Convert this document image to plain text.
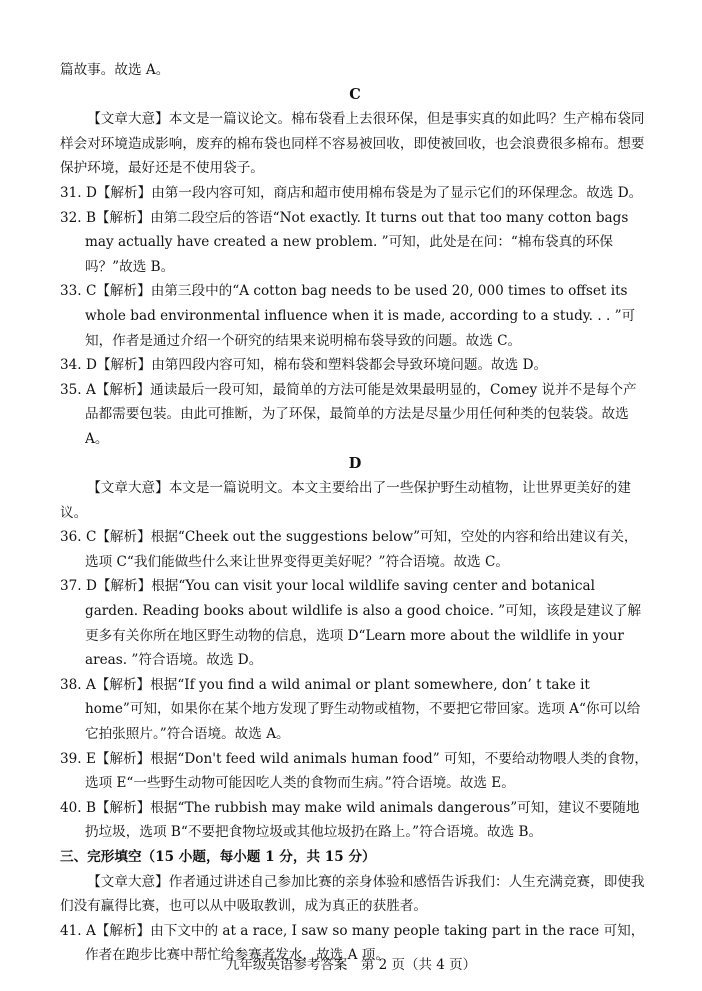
篇故事。故选 A。

C

【文章大意】本文是一篇议论文。棉布袋看上去很环保，但是事实真的如此吗？生产棉布袋同样会对环境造成影响，废弃的棉布袋也同样不容易被回收，即使被回收，也会浪费很多棉布。想要保护环境，最好还是不使用袋子。

31. D【解析】由第一段内容可知，商店和超市使用棉布袋是为了显示它们的环保理念。故选 D。

32. B【解析】由第二段空后的答语“Not exactly. It turns out that too many cotton bags may actually have created a new problem. ”可知，此处是在问：“棉布袋真的环保吗？”故选 B。

33. C【解析】由第三段中的“A cotton bag needs to be used 20, 000 times to offset its whole bad environmental influence when it is made, according to a study. . . ”可知，作者是通过介绍一个研究的结果来说明棉布袋导致的问题。故选 C。

34. D【解析】由第四段内容可知，棉布袋和塑料袋都会导致环境问题。故选 D。

35. A【解析】通读最后一段可知，最简单的方法可能是效果最明显的，Comey 说并不是每个产品都需要包装。由此可推断，为了环保，最简单的方法是尽量少用任何种类的包装袋。故选 A。

D

【文章大意】本文是一篇说明文。本文主要给出了一些保护野生动植物，让世界更美好的建议。

36. C【解析】根据“Cheek out the suggestions below”可知，空处的内容和给出建议有关，选项 C“我们能做些什么来让世界变得更美好呢？”符合语境。故选 C。

37. D【解析】根据“You can visit your local wildlife saving center and botanical garden. Reading books about wildlife is also a good choice. ”可知，该段是建议了解更多有关你所在地区野生动物的信息，选项 D“Learn more about the wildlife in your areas. ”符合语境。故选 D。

38. A【解析】根据“If you find a wild animal or plant somewhere, don’ t take it home”可知，如果你在某个地方发现了野生动物或植物，不要把它带回家。选项 A“你可以给它拍张照片。”符合语境。故选 A。

39. E【解析】根据“Don't feed wild animals human food” 可知，不要给动物喂人类的食物，选项 E“一些野生动物可能因吃人类的食物而生病。”符合语境。故选 E。

40. B【解析】根据“The rubbish may make wild animals dangerous”可知，建议不要随地扔垃圾，选项 B“不要把食物垃圾或其他垃圾扔在路上。”符合语境。故选 B。

三、完形填空（15 小题，每小题 1 分，共 15 分）

【文章大意】作者通过讲述自己参加比赛的亲身体验和感悟告诉我们：人生充满竞赛，即使我们没有赢得比赛，也可以从中吸取教训，成为真正的获胜者。

41. A【解析】由下文中的 at a race, I saw so many people taking part in the race 可知，作者在跑步比赛中帮忙给参赛者发水，故选 A 项。

九年级英语参考答案　第 2 页（共 4 页）
